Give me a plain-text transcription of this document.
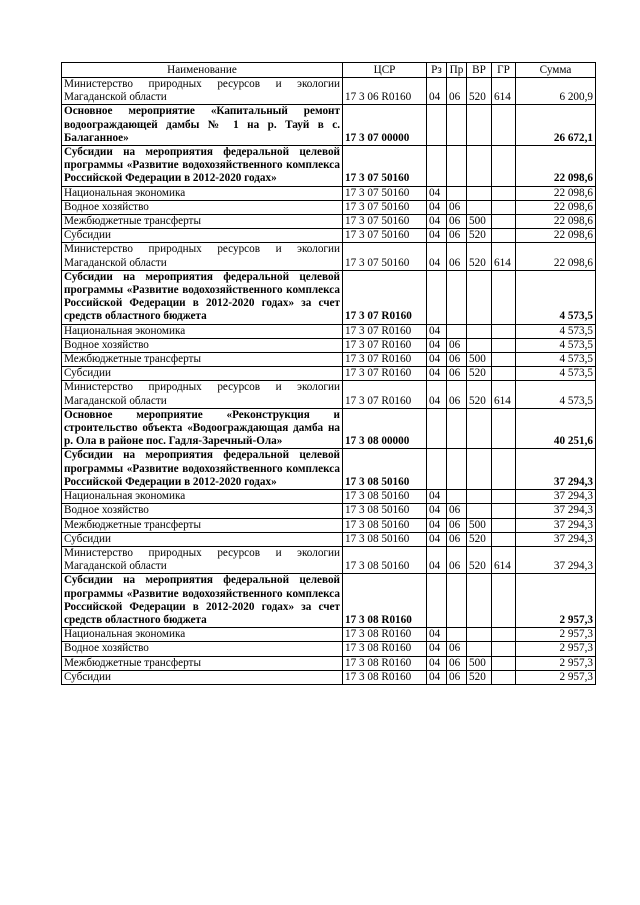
Наименование	ЦСР	Рз	Пр	ВР	ГР	Сумма
Министерство природных ресурсов и экологии Магаданской области	17 3 06 R0160	04	06	520	614	6 200,9
Основное мероприятие «Капитальный ремонт водоограждающей дамбы № 1 на р. Тауй в с. Балаганное»	17 3 07 00000					26 672,1
Субсидии на мероприятия федеральной целевой программы «Развитие водохозяйственного комплекса Российской Федерации в 2012-2020 годах»	17 3 07 50160					22 098,6
Национальная экономика	17 3 07 50160	04				22 098,6
Водное хозяйство	17 3 07 50160	04	06			22 098,6
Межбюджетные трансферты	17 3 07 50160	04	06	500		22 098,6
Субсидии	17 3 07 50160	04	06	520		22 098,6
Министерство природных ресурсов и экологии Магаданской области	17 3 07 50160	04	06	520	614	22 098,6
Субсидии на мероприятия федеральной целевой программы «Развитие водохозяйственного комплекса Российской Федерации в 2012-2020 годах» за счет средств областного бюджета	17 3 07 R0160					4 573,5
Национальная экономика	17 3 07 R0160	04				4 573,5
Водное хозяйство	17 3 07 R0160	04	06			4 573,5
Межбюджетные трансферты	17 3 07 R0160	04	06	500		4 573,5
Субсидии	17 3 07 R0160	04	06	520		4 573,5
Министерство природных ресурсов и экологии Магаданской области	17 3 07 R0160	04	06	520	614	4 573,5
Основное мероприятие «Реконструкция и строительство объекта «Водоограждающая дамба на р. Ола в районе пос. Гадля-Заречный-Ола»	17 3 08 00000					40 251,6
Субсидии на мероприятия федеральной целевой программы «Развитие водохозяйственного комплекса Российской Федерации в 2012-2020 годах»	17 3 08 50160					37 294,3
Национальная экономика	17 3 08 50160	04				37 294,3
Водное хозяйство	17 3 08 50160	04	06			37 294,3
Межбюджетные трансферты	17 3 08 50160	04	06	500		37 294,3
Субсидии	17 3 08 50160	04	06	520		37 294,3
Министерство природных ресурсов и экологии Магаданской области	17 3 08 50160	04	06	520	614	37 294,3
Субсидии на мероприятия федеральной целевой программы «Развитие водохозяйственного комплекса Российской Федерации в 2012-2020 годах» за счет средств областного бюджета	17 3 08 R0160					2 957,3
Национальная экономика	17 3 08 R0160	04				2 957,3
Водное хозяйство	17 3 08 R0160	04	06			2 957,3
Межбюджетные трансферты	17 3 08 R0160	04	06	500		2 957,3
Субсидии	17 3 08 R0160	04	06	520		2 957,3
